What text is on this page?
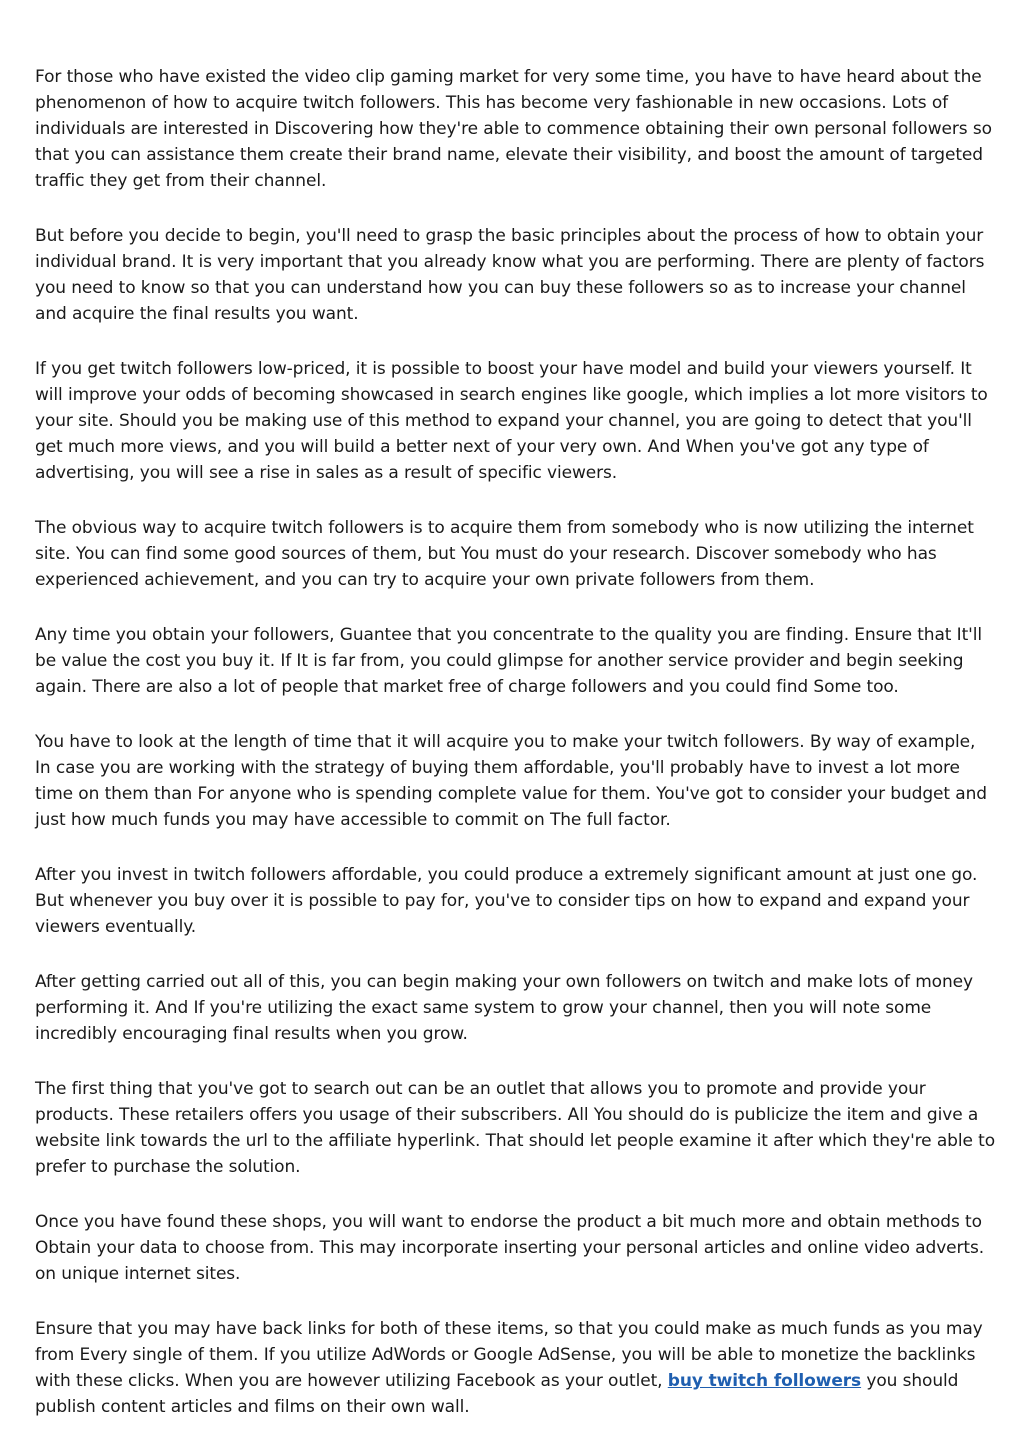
For those who have existed the video clip gaming market for very some time, you have to have heard about the phenomenon of how to acquire twitch followers. This has become very fashionable in new occasions. Lots of individuals are interested in Discovering how they're able to commence obtaining their own personal followers so that you can assistance them create their brand name, elevate their visibility, and boost the amount of targeted traffic they get from their channel.

But before you decide to begin, you'll need to grasp the basic principles about the process of how to obtain your individual brand. It is very important that you already know what you are performing. There are plenty of factors you need to know so that you can understand how you can buy these followers so as to increase your channel and acquire the final results you want.

If you get twitch followers low-priced, it is possible to boost your have model and build your viewers yourself. It will improve your odds of becoming showcased in search engines like google, which implies a lot more visitors to your site. Should you be making use of this method to expand your channel, you are going to detect that you'll get much more views, and you will build a better next of your very own. And When you've got any type of advertising, you will see a rise in sales as a result of specific viewers.

The obvious way to acquire twitch followers is to acquire them from somebody who is now utilizing the internet site. You can find some good sources of them, but You must do your research. Discover somebody who has experienced achievement, and you can try to acquire your own private followers from them.

Any time you obtain your followers, Guantee that you concentrate to the quality you are finding. Ensure that It'll be value the cost you buy it. If It is far from, you could glimpse for another service provider and begin seeking again. There are also a lot of people that market free of charge followers and you could find Some too.

You have to look at the length of time that it will acquire you to make your twitch followers. By way of example, In case you are working with the strategy of buying them affordable, you'll probably have to invest a lot more time on them than For anyone who is spending complete value for them. You've got to consider your budget and just how much funds you may have accessible to commit on The full factor.

After you invest in twitch followers affordable, you could produce a extremely significant amount at just one go. But whenever you buy over it is possible to pay for, you've to consider tips on how to expand and expand your viewers eventually.

After getting carried out all of this, you can begin making your own followers on twitch and make lots of money performing it. And If you're utilizing the exact same system to grow your channel, then you will note some incredibly encouraging final results when you grow.

The first thing that you've got to search out can be an outlet that allows you to promote and provide your products. These retailers offers you usage of their subscribers. All You should do is publicize the item and give a website link towards the url to the affiliate hyperlink. That should let people examine it after which they're able to prefer to purchase the solution.

Once you have found these shops, you will want to endorse the product a bit much more and obtain methods to Obtain your data to choose from. This may incorporate inserting your personal articles and online video adverts. on unique internet sites.

Ensure that you may have back links for both of these items, so that you could make as much funds as you may from Every single of them. If you utilize AdWords or Google AdSense, you will be able to monetize the backlinks with these clicks. When you are however utilizing Facebook as your outlet, buy twitch followers you should publish content articles and films on their own wall.
